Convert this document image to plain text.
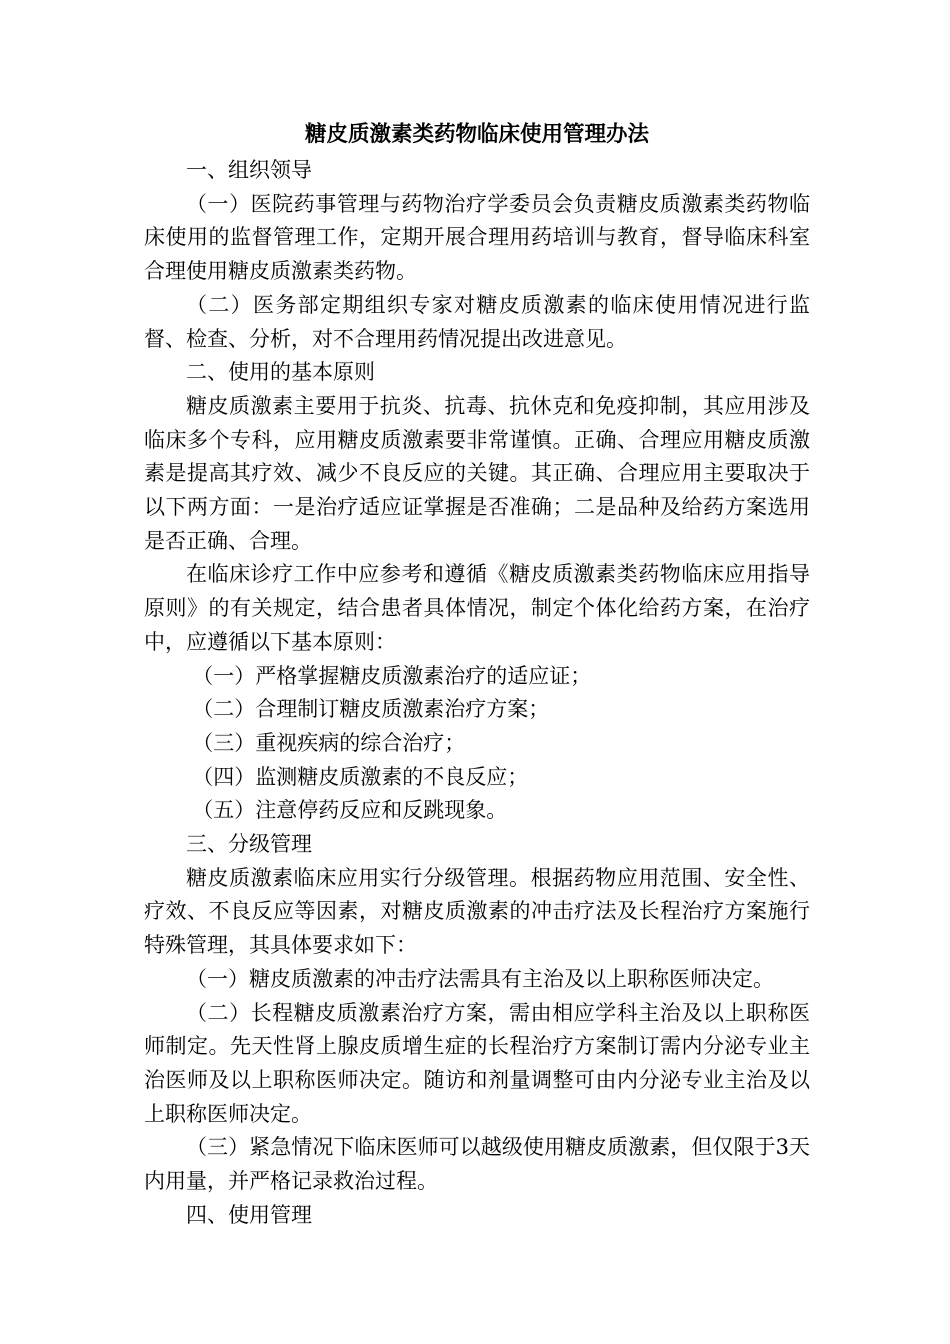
糖皮质激素类药物临床使用管理办法

一、组织领导

（一）医院药事管理与药物治疗学委员会负责糖皮质激素类药物临床使用的监督管理工作，定期开展合理用药培训与教育，督导临床科室合理使用糖皮质激素类药物。

（二）医务部定期组织专家对糖皮质激素的临床使用情况进行监督、检查、分析，对不合理用药情况提出改进意见。

二、使用的基本原则

糖皮质激素主要用于抗炎、抗毒、抗休克和免疫抑制，其应用涉及临床多个专科，应用糖皮质激素要非常谨慎。正确、合理应用糖皮质激素是提高其疗效、减少不良反应的关键。其正确、合理应用主要取决于以下两方面：一是治疗适应证掌握是否准确；二是品种及给药方案选用是否正确、合理。

在临床诊疗工作中应参考和遵循《糖皮质激素类药物临床应用指导原则》的有关规定，结合患者具体情况，制定个体化给药方案，在治疗中，应遵循以下基本原则：

（一）严格掌握糖皮质激素治疗的适应证；

（二）合理制订糖皮质激素治疗方案；

（三）重视疾病的综合治疗；

（四）监测糖皮质激素的不良反应；

（五）注意停药反应和反跳现象。

三、分级管理

糖皮质激素临床应用实行分级管理。根据药物应用范围、安全性、疗效、不良反应等因素，对糖皮质激素的冲击疗法及长程治疗方案施行特殊管理，其具体要求如下：

（一）糖皮质激素的冲击疗法需具有主治及以上职称医师决定。

（二）长程糖皮质激素治疗方案，需由相应学科主治及以上职称医师制定。先天性肾上腺皮质增生症的长程治疗方案制订需内分泌专业主治医师及以上职称医师决定。随访和剂量调整可由内分泌专业主治及以上职称医师决定。

（三）紧急情况下临床医师可以越级使用糖皮质激素，但仅限于3天内用量，并严格记录救治过程。

四、使用管理
